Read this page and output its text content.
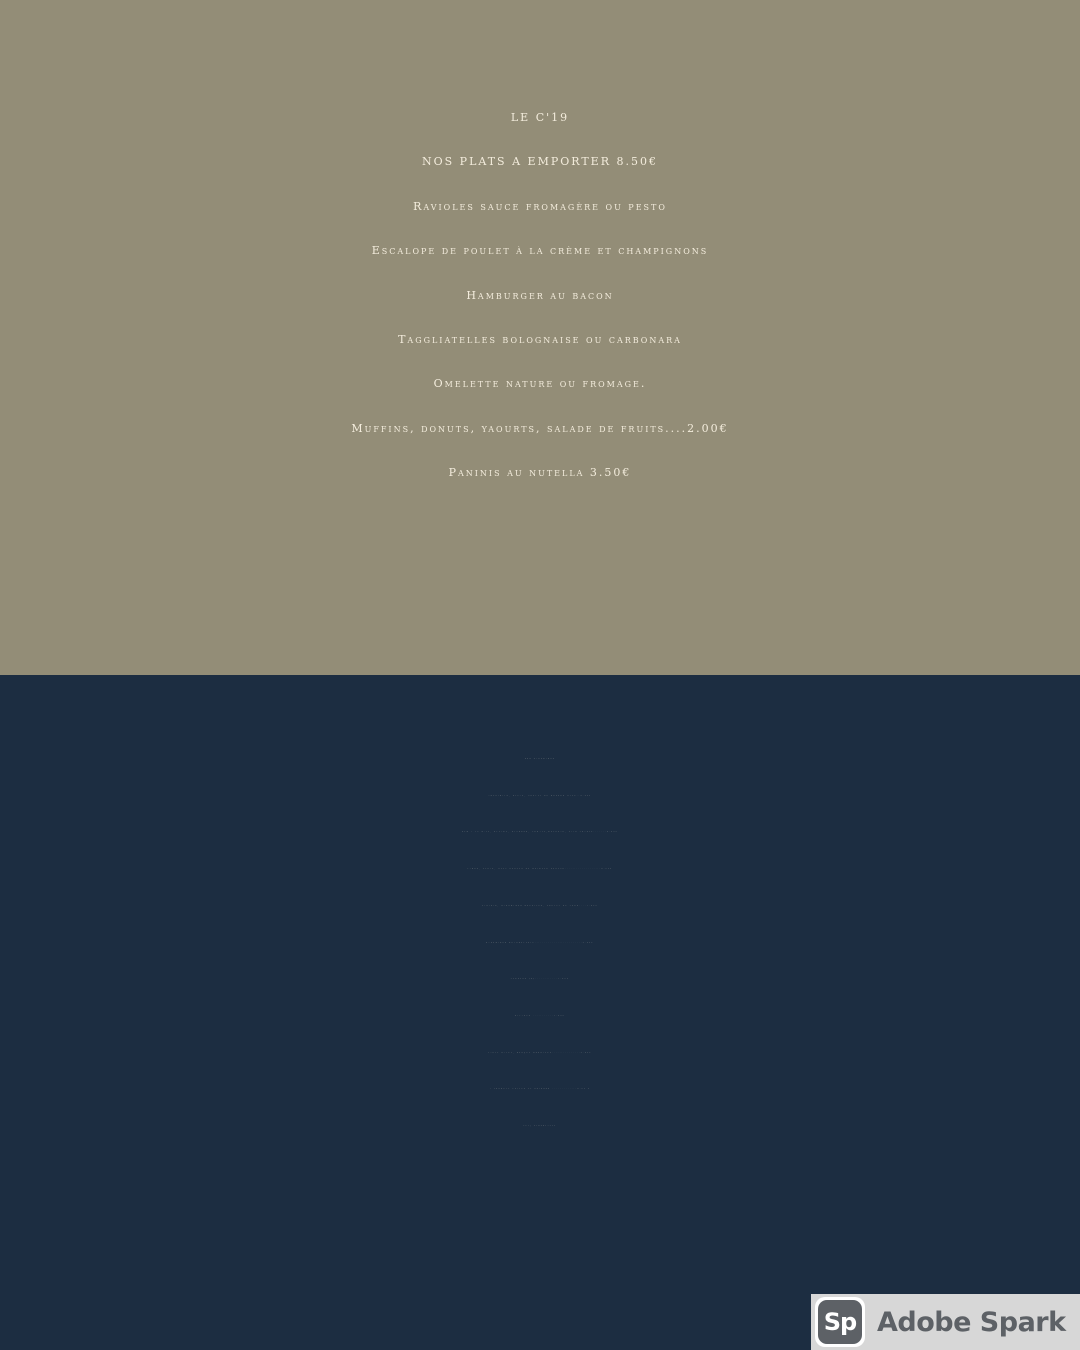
LE C'19
NOS PLATS A EMPORTER 8.50€
Ravioles sauce fromagère ou pesto
Escalope de poulet à la crème et champignons
Hamburger au bacon
Taggliatelles bolognaise ou carbonara
Omelette nature ou fromage.
Muffins, donuts, yaourts, salade de fruits....2.00€
Paninis au nutella 3.50€
nos sandwichs
Américain, steak, poulet ou cordon bleu..5.50€
New " Le C'19, steack, oignons, tomate,cheddar, pain toasté.......5.50€
Tacos, kebab, beef burger ou chicken Burger...................5.00€
paninis, sandwichs crudités, poulet ou thon....4.50€
Sandwichs charcuterie.........................3.50€
Tenders (5)............4.50€
Salades ...........4.50€
Tarte salée, croque monsieur...............3.50€
+ Formule frites et boisson .............2.00 €
Tel/ 0465874977
Sp Adobe Spark
